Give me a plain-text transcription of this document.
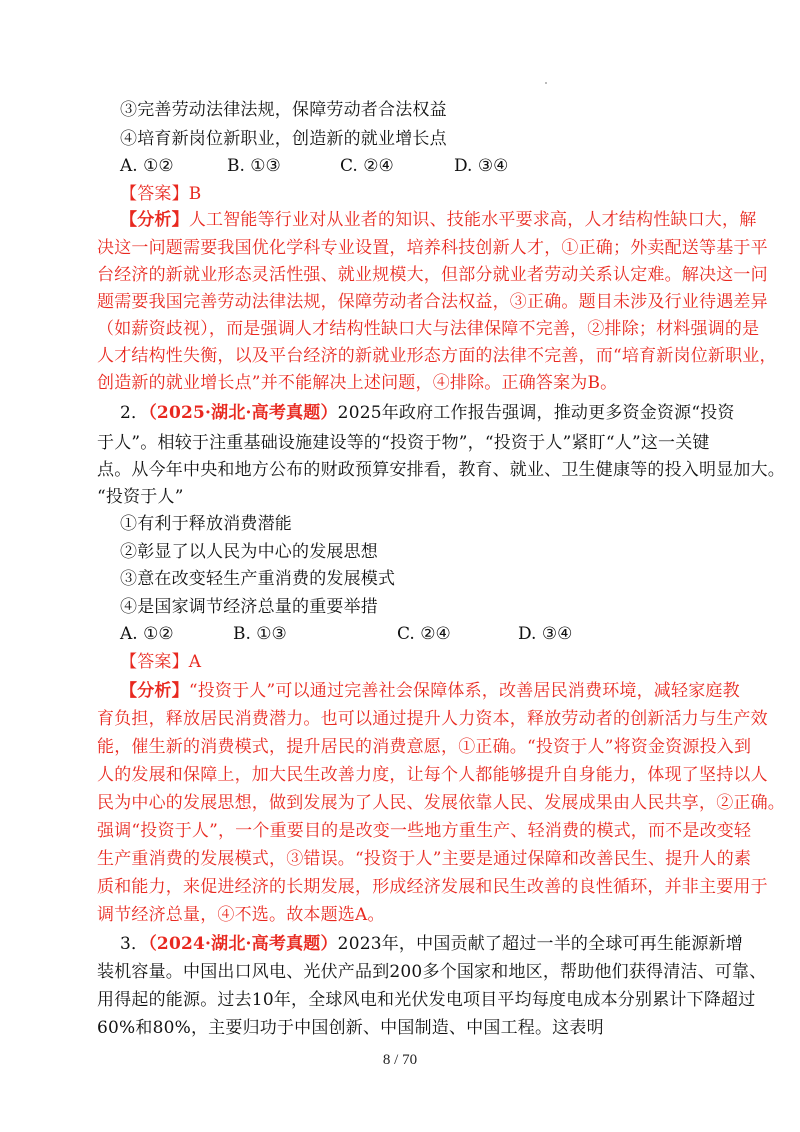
③完善劳动法律法规，保障劳动者合法权益
④培育新岗位新职业，创造新的就业增长点
A. ①②	B. ①③	C. ②④	D. ③④
【答案】B
【分析】人工智能等行业对从业者的知识、技能水平要求高，人才结构性缺口大，解
决这一问题需要我国优化学科专业设置，培养科技创新人才，①正确；外卖配送等基于平
台经济的新就业形态灵活性强、就业规模大，但部分就业者劳动关系认定难。解决这一问
题需要我国完善劳动法律法规，保障劳动者合法权益，③正确。题目未涉及行业待遇差异
（如薪资歧视），而是强调人才结构性缺口大与法律保障不完善，②排除；材料强调的是
人才结构性失衡，以及平台经济的新就业形态方面的法律不完善，而“培育新岗位新职业，
创造新的就业增长点”并不能解决上述问题，④排除。正确答案为B。
2．（2025·湖北·高考真题）2025年政府工作报告强调，推动更多资金资源“投资
于人”。相较于注重基础设施建设等的“投资于物”，“投资于人”紧盯“人”这一关键
点。从今年中央和地方公布的财政预算安排看，教育、就业、卫生健康等的投入明显加大。
“投资于人”
①有利于释放消费潜能
②彰显了以人民为中心的发展思想
③意在改变轻生产重消费的发展模式
④是国家调节经济总量的重要举措
A. ①②	B. ①③	C. ②④	D. ③④
【答案】A
【分析】“投资于人”可以通过完善社会保障体系，改善居民消费环境，减轻家庭教
育负担，释放居民消费潜力。也可以通过提升人力资本，释放劳动者的创新活力与生产效
能，催生新的消费模式，提升居民的消费意愿，①正确。“投资于人”将资金资源投入到
人的发展和保障上，加大民生改善力度，让每个人都能够提升自身能力，体现了坚持以人
民为中心的发展思想，做到发展为了人民、发展依靠人民、发展成果由人民共享，②正确。
强调“投资于人”，一个重要目的是改变一些地方重生产、轻消费的模式，而不是改变轻
生产重消费的发展模式，③错误。“投资于人”主要是通过保障和改善民生、提升人的素
质和能力，来促进经济的长期发展，形成经济发展和民生改善的良性循环，并非主要用于
调节经济总量，④不选。故本题选A。
3．（2024·湖北·高考真题）2023年，中国贡献了超过一半的全球可再生能源新增
装机容量。中国出口风电、光伏产品到200多个国家和地区，帮助他们获得清洁、可靠、
用得起的能源。过去10年，全球风电和光伏发电项目平均每度电成本分别累计下降超过
60%和80%，主要归功于中国创新、中国制造、中国工程。这表明
8 / 70
